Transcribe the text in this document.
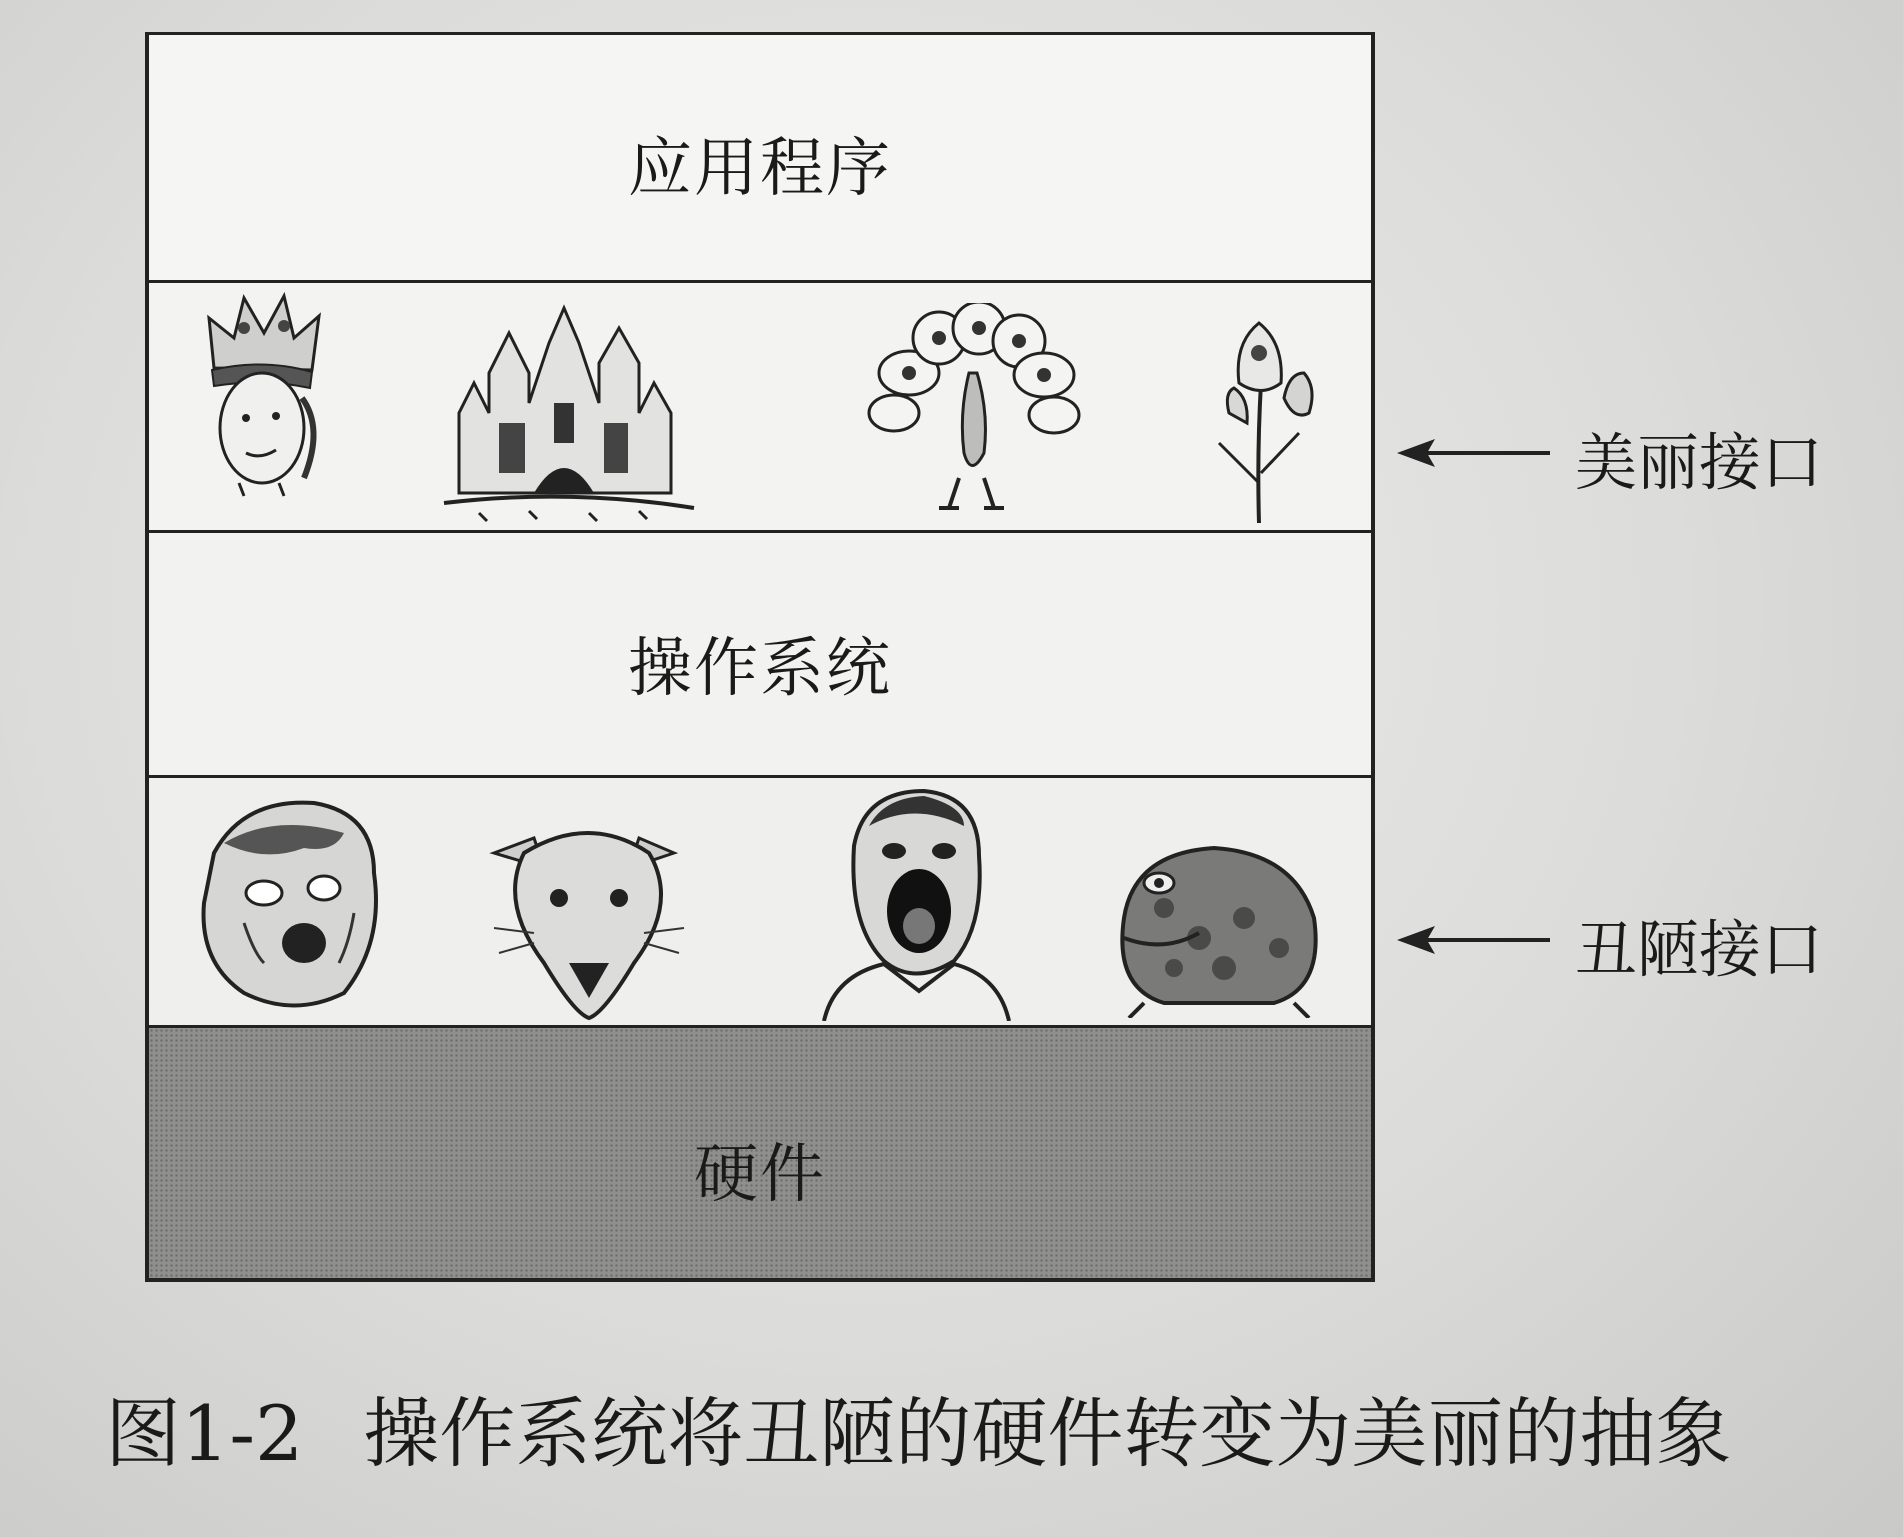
应用程序
操作系统
硬件
美丽接口
丑陋接口
图1-2 操作系统将丑陋的硬件转变为美丽的抽象
